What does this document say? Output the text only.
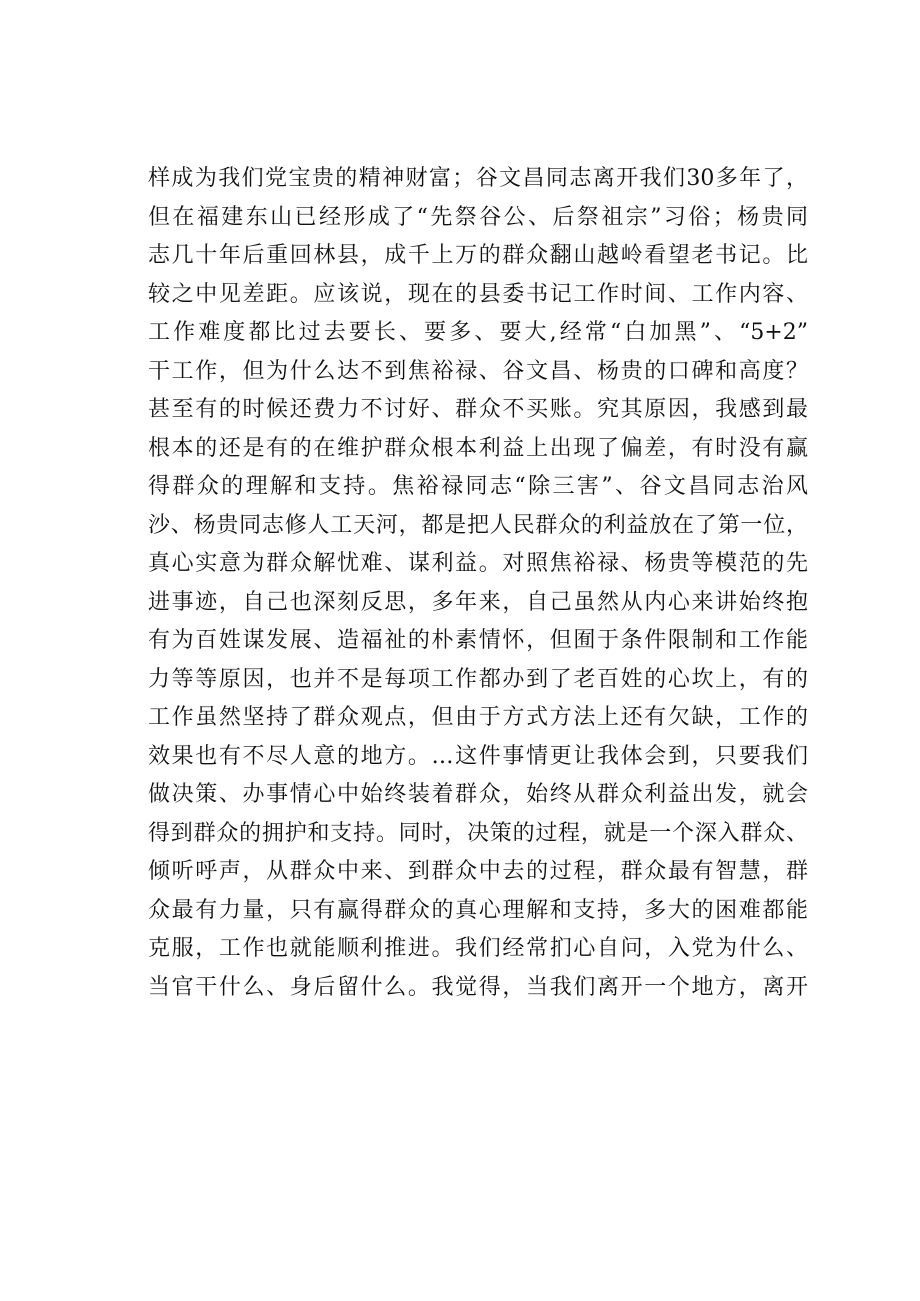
样成为我们党宝贵的精神财富；谷文昌同志离开我们30多年了，

但在福建东山已经形成了“先祭谷公、后祭祖宗”习俗；杨贵同

志几十年后重回林县，成千上万的群众翻山越岭看望老书记。比

较之中见差距。应该说，现在的县委书记工作时间、工作内容、

工作难度都比过去要长、要多、要大,经常“白加黑”、“5+2”

干工作，但为什么达不到焦裕禄、谷文昌、杨贵的口碑和高度？

甚至有的时候还费力不讨好、群众不买账。究其原因，我感到最

根本的还是有的在维护群众根本利益上出现了偏差，有时没有赢

得群众的理解和支持。焦裕禄同志“除三害”、谷文昌同志治风

沙、杨贵同志修人工天河，都是把人民群众的利益放在了第一位，

真心实意为群众解忧难、谋利益。对照焦裕禄、杨贵等模范的先

进事迹，自己也深刻反思，多年来，自己虽然从内心来讲始终抱

有为百姓谋发展、造福祉的朴素情怀，但囿于条件限制和工作能

力等等原因，也并不是每项工作都办到了老百姓的心坎上，有的

工作虽然坚持了群众观点，但由于方式方法上还有欠缺，工作的

效果也有不尽人意的地方。…这件事情更让我体会到，只要我们

做决策、办事情心中始终装着群众，始终从群众利益出发，就会

得到群众的拥护和支持。同时，决策的过程，就是一个深入群众、

倾听呼声，从群众中来、到群众中去的过程，群众最有智慧，群

众最有力量，只有赢得群众的真心理解和支持，多大的困难都能

克服，工作也就能顺利推进。我们经常扪心自问，入党为什么、

当官干什么、身后留什么。我觉得，当我们离开一个地方，离开
